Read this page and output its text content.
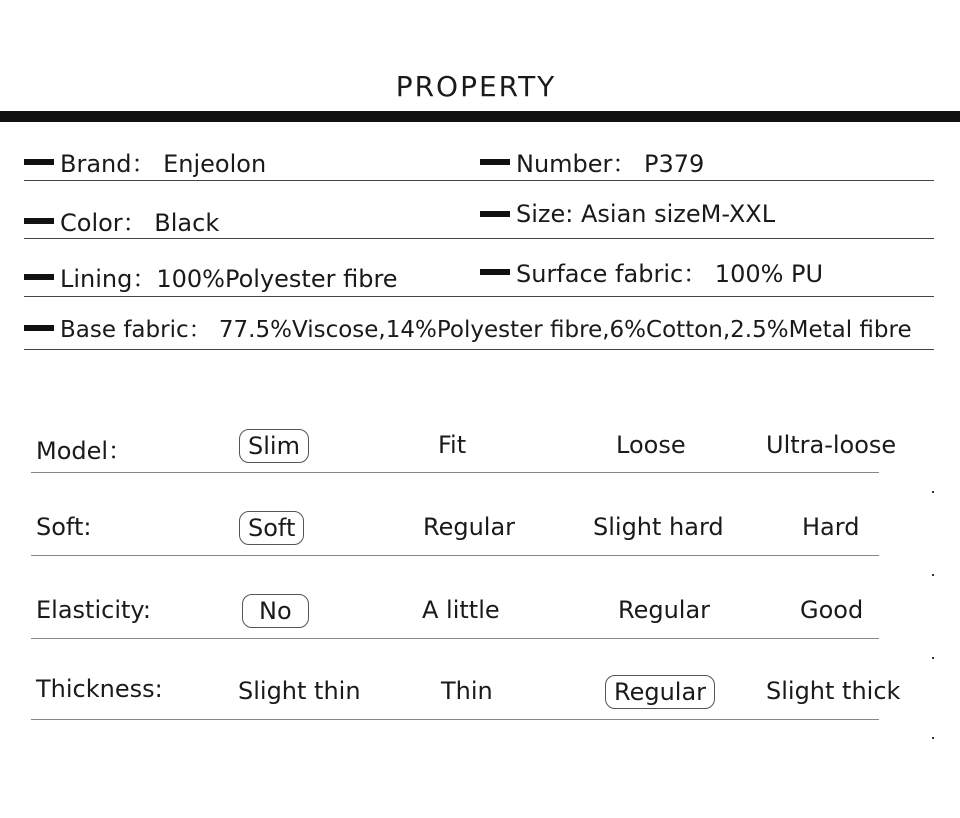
PROPERTY
Brand： Enjeolon	Number： P379
Color： Black	Size: Asian sizeM-XXL
Lining：100%Polyester fibre	Surface fabric： 100% PU
Base fabric： 77.5%Viscose,14%Polyester fibre,6%Cotton,2.5%Metal fibre
Model：	Slim	Fit	Loose	Ultra-loose
Soft:	Soft	Regular	Slight hard	Hard
Elasticity:	No	A little	Regular	Good
Thickness:	Slight thin	Thin	Regular	Slight thick
